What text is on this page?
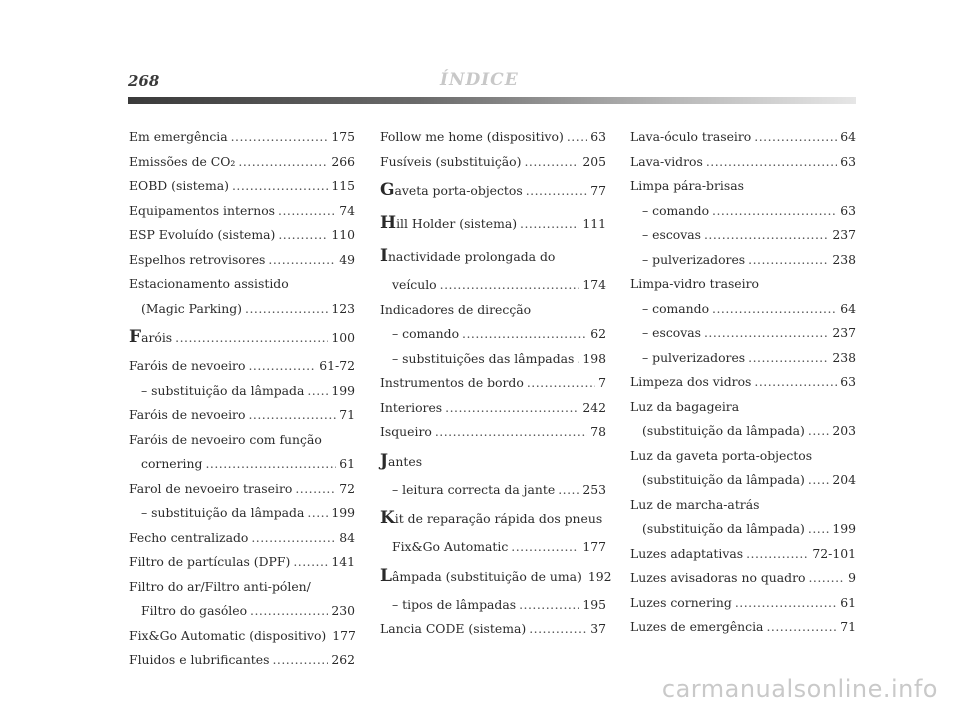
268	ÍNDICE
Em emergência .....	175
Emissões de CO₂ .....	266
EOBD (sistema) .....	115
Equipamentos internos .....	74
ESP Evoluído (sistema) .....	110
Espelhos retrovisores .....	49
Estacionamento assistido
(Magic Parking) .....	123
Faróis .....	100
Faróis de nevoeiro .....	61-72
– substituição da lâmpada ..... 199
Faróis de nevoeiro .....	71
Faróis de nevoeiro com função
cornering .....	61
Farol de nevoeiro traseiro .....	72
– substituição da lâmpada ..... 199
Fecho centralizado .....	84
Filtro de partículas (DPF) .....	141
Filtro do ar/Filtro anti-pólen/
Filtro do gasóleo .....	230
Fix&Go Automatic (dispositivo) 177
Fluidos e lubrificantes .....	262
Follow me home (dispositivo) ..... 63
Fusíveis (substituição) .....	205
Gaveta porta-objectos .....	77
Hill Holder (sistema) .....	111
Inactividade prolongada do
veículo .....	174
Indicadores de direcção
– comando .....	62
– substituições das lâmpadas ..... 198
Instrumentos de bordo .....	7
Interiores .....	242
Isqueiro .....	78
Jantes
– leitura correcta da jante ..... 253
Kit de reparação rápida dos pneus
Fix&Go Automatic .....	177
Lâmpada (substituição de uma) 192
– tipos de lâmpadas .....	195
Lancia CODE (sistema) .....	37
Lava-óculo traseiro .....	64
Lava-vidros .....	63
Limpa pára-brisas
– comando .....	63
– escovas .....	237
– pulverizadores .....	238
Limpa-vidro traseiro
– comando .....	64
– escovas .....	237
– pulverizadores .....	238
Limpeza dos vidros .....	63
Luz da bagageira
(substituição da lâmpada) ..... 203
Luz da gaveta porta-objectos
(substituição da lâmpada) ..... 204
Luz de marcha-atrás
(substituição da lâmpada) ..... 199
Luzes adaptativas .....	72-101
Luzes avisadoras no quadro .....	9
Luzes cornering .....	61
Luzes de emergência .....	71
carmanualsonline.info
